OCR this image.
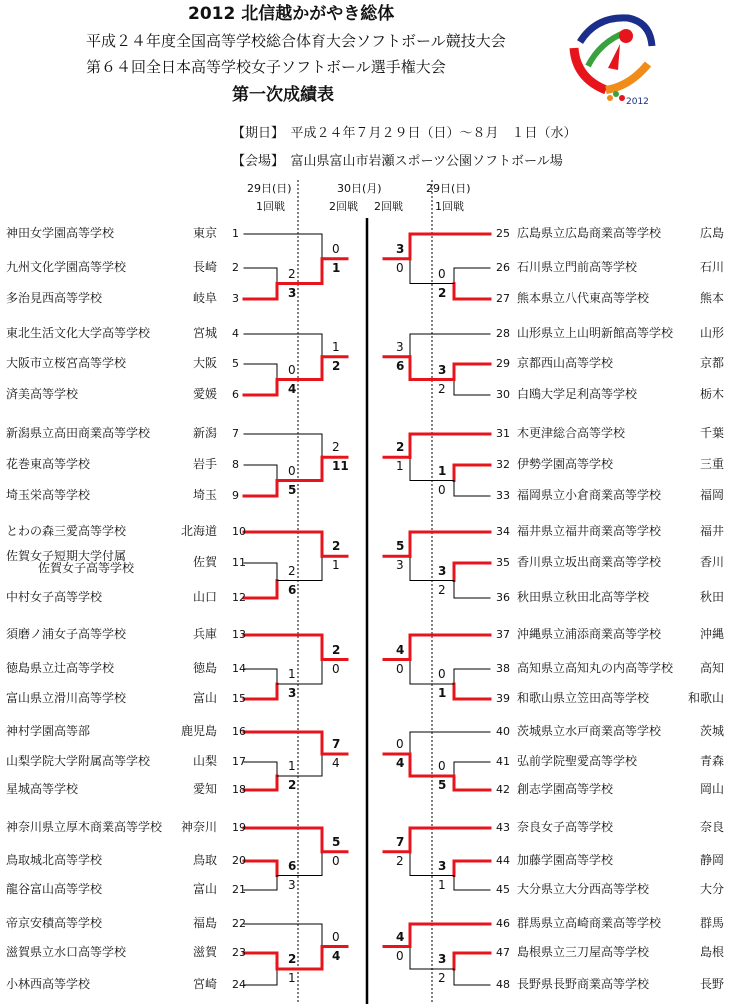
2012 北信越かがやき総体
平成２４年度全国高等学校総合体育大会ソフトボール競技大会
第６４回全日本高等学校女子ソフトボール選手権大会
第一次成績表
【期日】　平成２４年７月２９日（日）～８月　１日（水）
【会場】　富山県富山市岩瀬スポーツ公園ソフトボール場
2012
29日(日)
1回戦
30日(月)
2回戦 2回戦
29日(日)
1回戦
神田女学園高等学校	東京 1
九州文化学園高等学校	長崎 2
多治見西高等学校	岐阜 3
東北生活文化大学高等学校	宮城 4
大阪市立桜宮高等学校	大阪 5
済美高等学校	愛媛 6
新潟県立高田商業高等学校	新潟 7
花巻東高等学校	岩手 8
埼玉栄高等学校	埼玉 9
とわの森三愛高等学校	北海道 10
佐賀女子短期大学付属
佐賀女子高等学校	佐賀 11
中村女子高等学校	山口 12
須磨ノ浦女子高等学校	兵庫 13
徳島県立辻高等学校	徳島 14
富山県立滑川高等学校	富山 15
神村学園高等部	鹿児島 16
山梨学院大学附属高等学校	山梨 17
星城高等学校	愛知 18
神奈川県立厚木商業高等学校 神奈川 19
鳥取城北高等学校	鳥取 20
龍谷富山高等学校	富山 21
帝京安積高等学校	福島 22
滋賀県立水口高等学校	滋賀 23
小林西高等学校	宮崎 24
25 広島県立広島商業高等学校	広島
26 石川県立門前高等学校	石川
27 熊本県立八代東高等学校	熊本
28 山形県立上山明新館高等学校 山形
29 京都西山高等学校	京都
30 白鴎大学足利高等学校	栃木
31 木更津総合高等学校	千葉
32 伊勢学園高等学校	三重
33 福岡県立小倉商業高等学校	福岡
34 福井県立福井商業高等学校	福井
35 香川県立坂出商業高等学校	香川
36 秋田県立秋田北高等学校	秋田
37 沖縄県立浦添商業高等学校	沖縄
38 高知県立高知丸の内高等学校 高知
39 和歌山県立笠田高等学校	和歌山
40 茨城県立水戸商業高等学校	茨城
41 弘前学院聖愛高等学校	青森
42 創志学園高等学校	岡山
43 奈良女子高等学校	奈良
44 加藤学園高等学校	静岡
45 大分県立大分西高等学校	大分
46 群馬県立高崎商業高等学校	群馬
47 島根県立三刀屋高等学校	島根
48 長野県長野商業高等学校	長野
2
3
0
1
0
4
1
2
0
5
2
11
2
6
2
1
1
3
2
0
1
2
7
4
6
3
5
0
2
1
0
4
0
2
3
0
3
2
3
6
1
0
2
1
3
2
5
3
0
1
4
0
0
5
0
4
3
1
7
2
3
2
4
0
